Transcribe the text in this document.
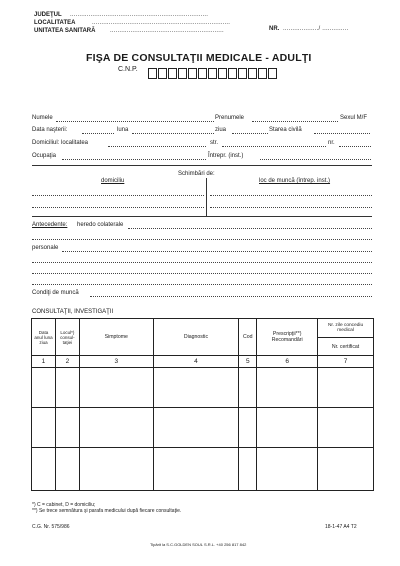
JUDEŢUL ..........................................................................
LOCALITATEA	..........................................................................
UNITATEA SANITARĂ .............................................................	NR. .................../ ..............
FIŞA DE CONSULTAŢII MEDICALE - ADULŢI
C.N.P.
Numele	Prenumele	Sexul M/F
Data naşterii:	luna	ziua	Starea civilă
Domiciliul: localitatea	str.	nr.
Ocupaţia	Întrepr. (inst.)
Schimbări de:
domiciliu	loc de muncă (întrep. inst.)
Antecedente: heredo colaterale
personale
Condiţi de muncă
CONSULTAŢII, INVESTIGAŢII
Data anul luna ziua	Locul*) consul-taţiei	Simptome	Diagnostic	Cod	Prescripţii**) Recomandări	Nr. zile concediu medical
						Nr. certificat
1	2	3	4	5	6	7

*) C = cabinet, D = domiciliu;
**) Se trece semnătura şi parafa medicului după fiecare consultaţie.
C.G. Nr. 575/986	18-1-47 A4 T2
Tipărit la S.C.GOLDEN SOUL S.R.L. +40 256 817 842
